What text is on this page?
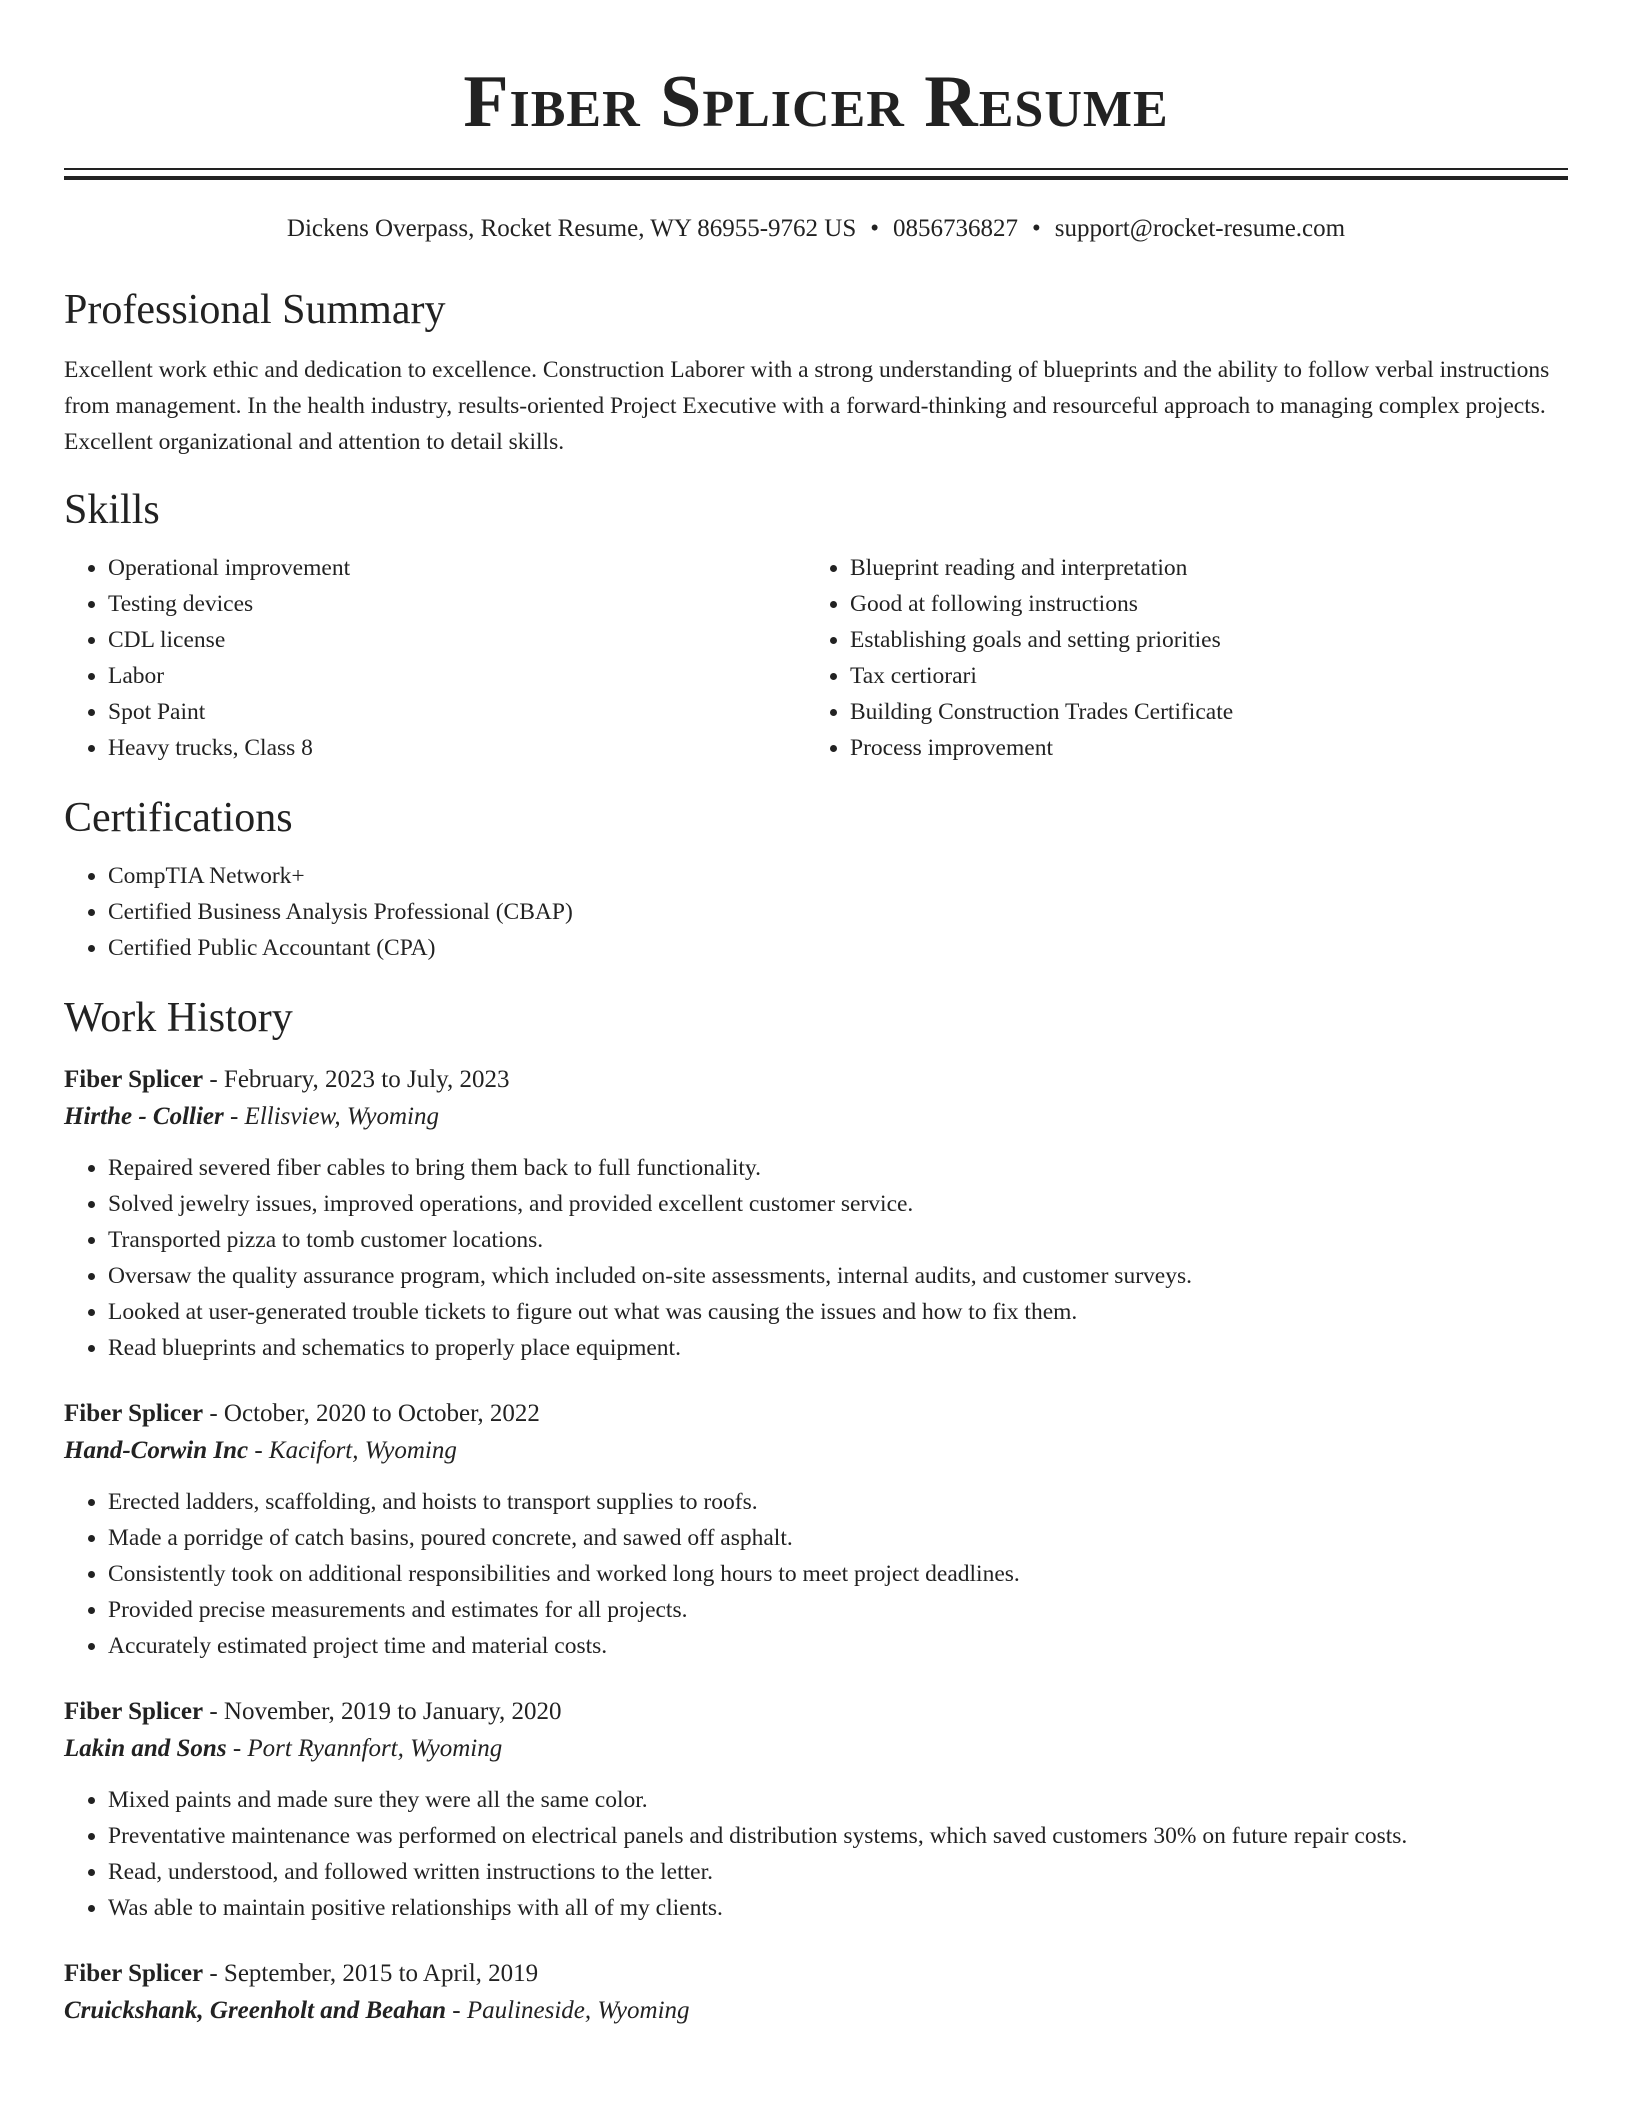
Fiber Splicer Resume
Dickens Overpass, Rocket Resume, WY 86955-9762 US • 0856736827 • support@rocket-resume.com
Professional Summary

Excellent work ethic and dedication to excellence. Construction Laborer with a strong understanding of blueprints and the ability to follow verbal instructions from management. In the health industry, results-oriented Project Executive with a forward-thinking and resourceful approach to managing complex projects. Excellent organizational and attention to detail skills.

Skills
• Operational improvement
• Testing devices
• CDL license
• Labor
• Spot Paint
• Heavy trucks, Class 8
• Blueprint reading and interpretation
• Good at following instructions
• Establishing goals and setting priorities
• Tax certiorari
• Building Construction Trades Certificate
• Process improvement
Certifications
• CompTIA Network+
• Certified Business Analysis Professional (CBAP)
• Certified Public Accountant (CPA)
Work History
Fiber Splicer - February, 2023 to July, 2023
Hirthe - Collier - Ellisview, Wyoming
• Repaired severed fiber cables to bring them back to full functionality.
• Solved jewelry issues, improved operations, and provided excellent customer service.
• Transported pizza to tomb customer locations.
• Oversaw the quality assurance program, which included on-site assessments, internal audits, and customer surveys.
• Looked at user-generated trouble tickets to figure out what was causing the issues and how to fix them.
• Read blueprints and schematics to properly place equipment.
Fiber Splicer - October, 2020 to October, 2022
Hand-Corwin Inc - Kacifort, Wyoming
• Erected ladders, scaffolding, and hoists to transport supplies to roofs.
• Made a porridge of catch basins, poured concrete, and sawed off asphalt.
• Consistently took on additional responsibilities and worked long hours to meet project deadlines.
• Provided precise measurements and estimates for all projects.
• Accurately estimated project time and material costs.
Fiber Splicer - November, 2019 to January, 2020
Lakin and Sons - Port Ryannfort, Wyoming
• Mixed paints and made sure they were all the same color.
• Preventative maintenance was performed on electrical panels and distribution systems, which saved customers 30% on future repair costs.
• Read, understood, and followed written instructions to the letter.
• Was able to maintain positive relationships with all of my clients.
Fiber Splicer - September, 2015 to April, 2019
Cruickshank, Greenholt and Beahan - Paulineside, Wyoming
